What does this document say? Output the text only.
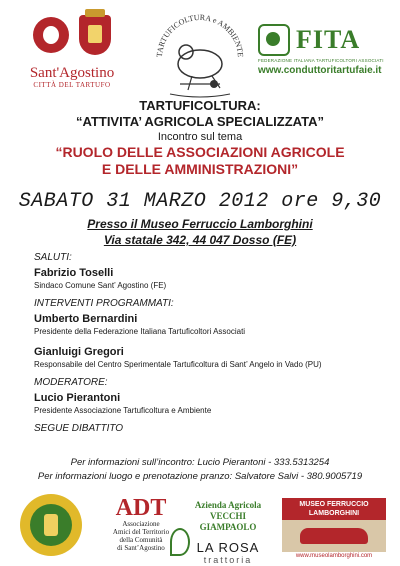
Sant'Agostino
CITTÀ DEL TARTUFO
TARTUFICOLTURA e AMBIENTE
FITA
FEDERAZIONE ITALIANA TARTUFICOLTORI ASSOCIATI
www.conduttoritartufaie.it
TARTUFICOLTURA:
“ATTIVITA’ AGRICOLA SPECIALIZZATA”
Incontro sul tema
“RUOLO DELLE ASSOCIAZIONI AGRICOLE
E DELLE AMMINISTRAZIONI”
SABATO 31 MARZO 2012 ore 9,30
Presso il Museo Ferruccio Lamborghini
Via statale 342, 44 047 Dosso (FE)
SALUTI:
Fabrizio Toselli
Sindaco Comune Sant’ Agostino (FE)
INTERVENTI PROGRAMMATI:
Umberto Bernardini
Presidente della Federazione Italiana Tartuficoltori Associati
Gianluigi Gregori
Responsabile del Centro Sperimentale Tartuficoltura di Sant’ Angelo in Vado (PU)
MODERATORE:
Lucio Pierantoni
Presidente Associazione Tartuficoltura e Ambiente
SEGUE DIBATTITO
Per informazioni sull’incontro: Lucio Pierantoni - 333.5313254
Per informazioni luogo e prenotazione pranzo: Salvatore Salvi - 380.9005719
ADT
Associazione
Amici del Territorio
della Comunità
di Sant’Agostino
Azienda Agricola
VECCHI GIAMPAOLO
LA ROSA
trattoria
MUSEO FERRUCCIO LAMBORGHINI
www.museolamborghini.com
